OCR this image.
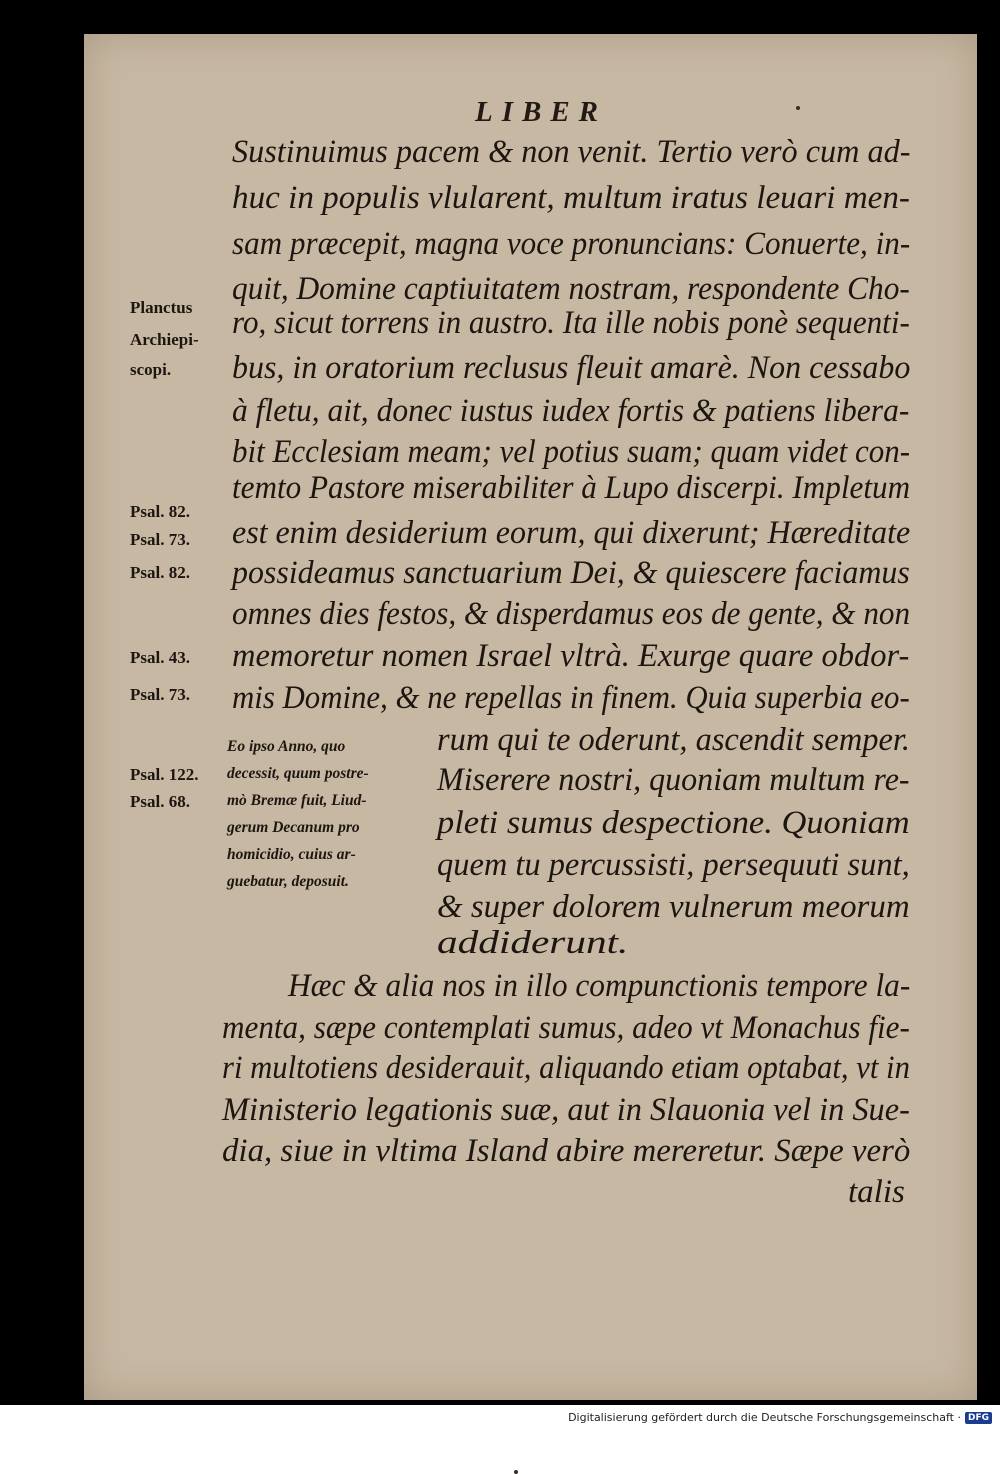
LIBER
Sustinuimus pacem & non venit. Tertio verò cum ad-
huc in populis vlularent, multum iratus leuari men-
sam præcepit, magna voce pronuncians: Conuerte, in-
quit, Domine captiuitatem nostram, respondente Cho-
ro, sicut torrens in austro. Ita ille nobis ponè sequenti-
bus, in oratorium reclusus fleuit amarè. Non cessabo
à fletu, ait, donec iustus iudex fortis & patiens libera-
bit Ecclesiam meam; vel potius suam; quam videt con-
temto Pastore miserabiliter à Lupo discerpi. Impletum
est enim desiderium eorum, qui dixerunt; Hæreditate
possideamus sanctuarium Dei, & quiescere faciamus
omnes dies festos, & disperdamus eos de gente, & non
memoretur nomen Israel vltrà. Exurge quare obdor-
mis Domine, & ne repellas in finem. Quia superbia eo-
rum qui te oderunt, ascendit semper.
Miserere nostri, quoniam multum re-
pleti sumus despectione. Quoniam
quem tu percussisti, persequuti sunt,
& super dolorem vulnerum meorum
addiderunt.
Hæc & alia nos in illo compunctionis tempore la-
menta, sæpe contemplati sumus, adeo vt Monachus fie-
ri multotiens desiderauit, aliquando etiam optabat, vt in
Ministerio legationis suæ, aut in Slauonia vel in Sue-
dia, siue in vltima Island abire mereretur. Sæpe verò
talis
Planctus
Archiepi-
scopi.
Psal. 82.
Psal. 73.
Psal. 82.
Psal. 43.
Psal. 73.
Psal. 122.
Psal. 68.
Eo ipso Anno, quo
decessit, quum postre-
mò Bremæ fuit, Liud-
gerum Decanum pro
homicidio, cuius ar-
guebatur, deposuit.
Digitalisierung gefördert durch die Deutsche Forschungsgemeinschaft · DFG
